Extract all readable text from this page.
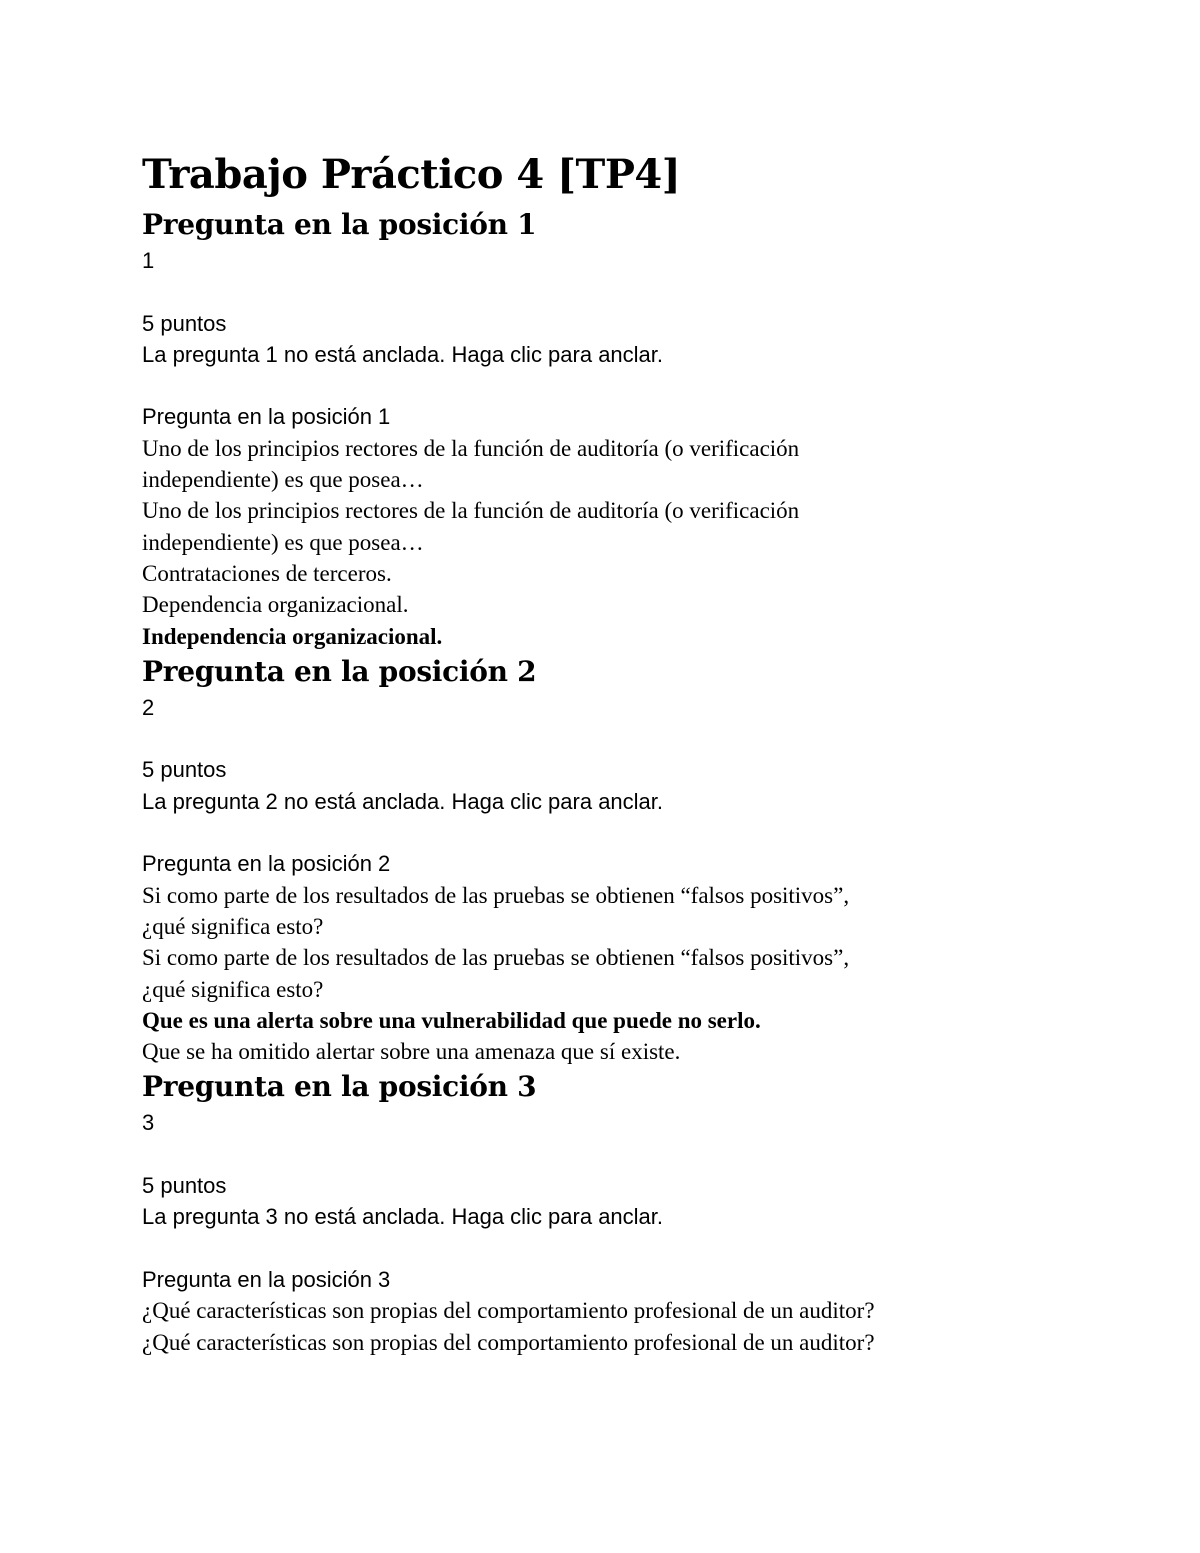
Trabajo Práctico 4 [TP4]
Pregunta en la posición 1

1

5 puntos

La pregunta 1 no está anclada. Haga clic para anclar.

Pregunta en la posición 1

Uno de los principios rectores de la función de auditoría (o verificación
independiente) es que posea…

Uno de los principios rectores de la función de auditoría (o verificación
independiente) es que posea…

Contrataciones de terceros.

Dependencia organizacional.

Independencia organizacional.

Pregunta en la posición 2

2

5 puntos

La pregunta 2 no está anclada. Haga clic para anclar.

Pregunta en la posición 2

Si como parte de los resultados de las pruebas se obtienen “falsos positivos”,
¿qué significa esto?

Si como parte de los resultados de las pruebas se obtienen “falsos positivos”,
¿qué significa esto?

Que es una alerta sobre una vulnerabilidad que puede no serlo.

Que se ha omitido alertar sobre una amenaza que sí existe.

Pregunta en la posición 3

3

5 puntos

La pregunta 3 no está anclada. Haga clic para anclar.

Pregunta en la posición 3

¿Qué características son propias del comportamiento profesional de un auditor?

¿Qué características son propias del comportamiento profesional de un auditor?
